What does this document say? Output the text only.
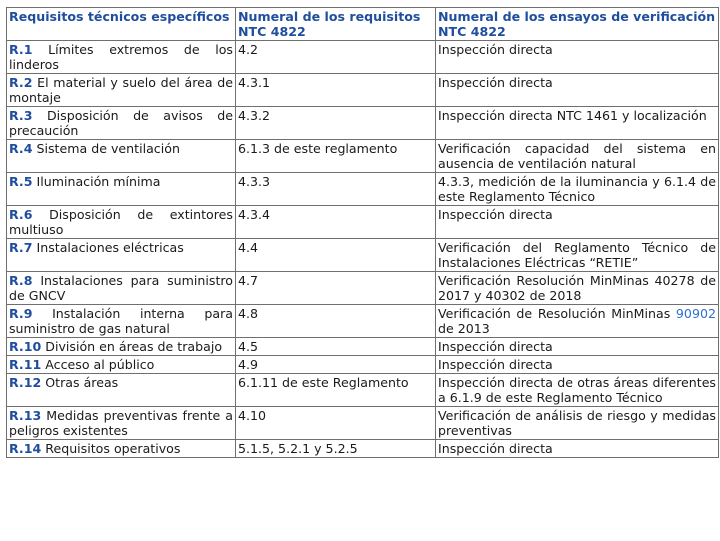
Requisitos técnicos específicos	Numeral de los requisitos NTC 4822	Numeral de los ensayos de verificación NTC 4822
R.1 Límites extremos de los linderos	4.2	Inspección directa
R.2 El material y suelo del área de montaje	4.3.1	Inspección directa
R.3 Disposición de avisos de precaución	4.3.2	Inspección directa NTC 1461 y localización
R.4 Sistema de ventilación	6.1.3 de este reglamento	Verificación capacidad del sistema en ausencia de ventilación natural
R.5 Iluminación mínima	4.3.3	4.3.3, medición de la iluminancia y 6.1.4 de este Reglamento Técnico
R.6 Disposición de extintores multiuso	4.3.4	Inspección directa
R.7 Instalaciones eléctricas	4.4	Verificación del Reglamento Técnico de Instalaciones Eléctricas “RETIE”
R.8 Instalaciones para suministro de GNCV	4.7	Verificación Resolución MinMinas 40278 de 2017 y 40302 de 2018
R.9 Instalación interna para suministro de gas natural	4.8	Verificación de Resolución MinMinas 90902 de 2013
R.10 División en áreas de trabajo	4.5	Inspección directa
R.11 Acceso al público	4.9	Inspección directa
R.12 Otras áreas	6.1.11 de este Reglamento	Inspección directa de otras áreas diferentes a 6.1.9 de este Reglamento Técnico
R.13 Medidas preventivas frente a peligros existentes	4.10	Verificación de análisis de riesgo y medidas preventivas
R.14 Requisitos operativos	5.1.5, 5.2.1 y 5.2.5	Inspección directa
